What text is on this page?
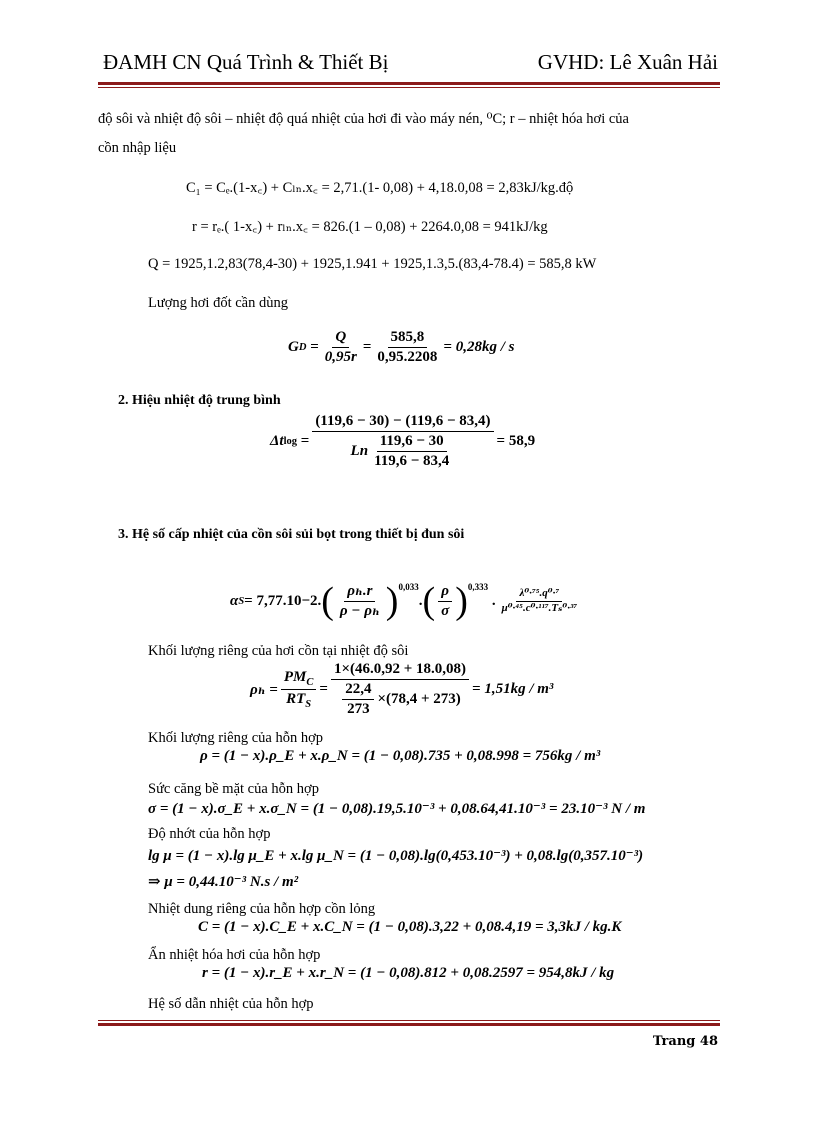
ĐAMH CN Quá Trình & Thiết Bị	GVHD: Lê Xuân Hải
độ sôi và nhiệt độ sôi – nhiệt độ quá nhiệt của hơi đi vào máy nén, ⁰C; r – nhiệt hóa hơi của
cồn nhập liệu
C₁ = Cₑ.(1-x꜀) + Cₗₙ.x꜀ = 2,71.(1- 0,08) + 4,18.0,08 = 2,83kJ/kg.độ
r = rₑ.( 1-x꜀) + rₗₙ.x꜀ = 826.(1 – 0,08) + 2264.0,08 = 941kJ/kg
Q = 1925,1.2,83(78,4-30) + 1925,1.941 + 1925,1.3,5.(83,4-78.4) = 585,8 kW
Lượng hơi đốt cần dùng
G $D = \frac{Q}{0,95r} = \frac{585,8}{0,95.2208} = 0,28kg / s$
2. Hiệu nhiệt độ trung bình
Δt $\log = \frac{(119,6 - 30) - (119,6 - 83,4)}{Ln \frac{119,6 - 30}{119,6 - 83,4}} = 58,9$
3. Hệ số cấp nhiệt của cồn sôi sủi bọt trong thiết bị đun sôi
α S = 7,77.10−2. ( $\frac{\text{ρₕ.r}}{\text{ρ − ρₕ}} )^{0,033}$
. ( $\frac{\rho}{\sigma} )^{0,333}$
. $\frac{\text{λ⁰·⁷⁵.q⁰·⁷}}{\text{μ⁰·⁴⁵.c⁰·¹¹⁷.Tₛ⁰·³⁷}}$
Khối lượng riêng của hơi cồn tại nhiệt độ sôi
$\rho_h = \frac{PM_C}{RT_S} = \frac{1\times(46.0,92 + 18.0,08)}{\frac{22,4}{273} \times(78,4 + 273)} = 1,51kg / m^3$
Khối lượng riêng của hỗn hợp
ρ = (1 − x).ρ_E + x.ρ_N = (1 − 0,08).735 + 0,08.998 = 756kg / m³
Sức căng bề mặt của hỗn hợp
σ = (1 − x).σ_E + x.σ_N = (1 − 0,08).19,5.10⁻³ + 0,08.64,41.10⁻³ = 23.10⁻³ N / m
Độ nhớt của hỗn hợp
lg μ = (1 − x).lg μ_E + x.lg μ_N = (1 − 0,08).lg(0,453.10⁻³) + 0,08.lg(0,357.10⁻³)
⇒ μ = 0,44.10⁻³ N.s / m²
Nhiệt dung riêng của hỗn hợp cồn lỏng
C = (1 − x).C_E + x.C_N = (1 − 0,08).3,22 + 0,08.4,19 = 3,3kJ / kg.K
Ẩn nhiệt hóa hơi của hỗn hợp
r = (1 − x).r_E + x.r_N = (1 − 0,08).812 + 0,08.2597 = 954,8kJ / kg
Hệ số dẫn nhiệt của hỗn hợp
Trang 48
